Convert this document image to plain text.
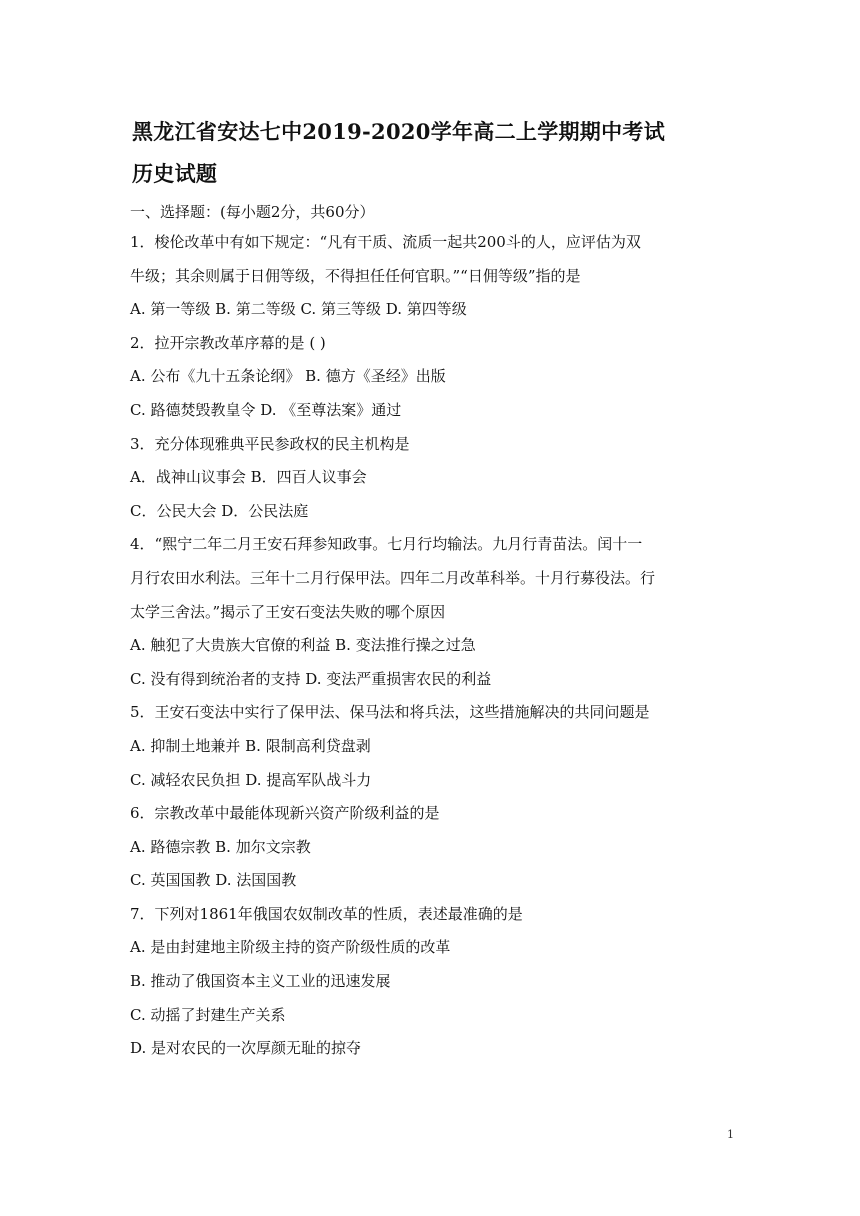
黑龙江省安达七中2019-2020学年高二上学期期中考试
历史试题
一、选择题：(每小题2分，共60分）
1．梭伦改革中有如下规定：“凡有干质、流质一起共200斗的人，应评估为双
牛级；其余则属于日佣等级，不得担任任何官职。”“日佣等级”指的是
A. 第一等级 B. 第二等级 C. 第三等级 D. 第四等级
2．拉开宗教改革序幕的是 ( )
A. 公布《九十五条论纲》 B. 德方《圣经》出版
C. 路德焚毁教皇令 D. 《至尊法案》通过
3．充分体现雅典平民参政权的民主机构是
A．战神山议事会 B．四百人议事会
C．公民大会 D．公民法庭
4．“熙宁二年二月王安石拜参知政事。七月行均输法。九月行青苗法。闰十一
月行农田水利法。三年十二月行保甲法。四年二月改革科举。十月行募役法。行
太学三舍法。”揭示了王安石变法失败的哪个原因
A. 触犯了大贵族大官僚的利益 B. 变法推行操之过急
C. 没有得到统治者的支持 D. 变法严重损害农民的利益
5．王安石变法中实行了保甲法、保马法和将兵法，这些措施解决的共同问题是
A. 抑制土地兼并 B. 限制高利贷盘剥
C. 减轻农民负担 D. 提高军队战斗力
6．宗教改革中最能体现新兴资产阶级利益的是
A. 路德宗教 B. 加尔文宗教
C. 英国国教 D. 法国国教
7．下列对1861年俄国农奴制改革的性质，表述最准确的是
A. 是由封建地主阶级主持的资产阶级性质的改革
B. 推动了俄国资本主义工业的迅速发展
C. 动摇了封建生产关系
D. 是对农民的一次厚颜无耻的掠夺
1
